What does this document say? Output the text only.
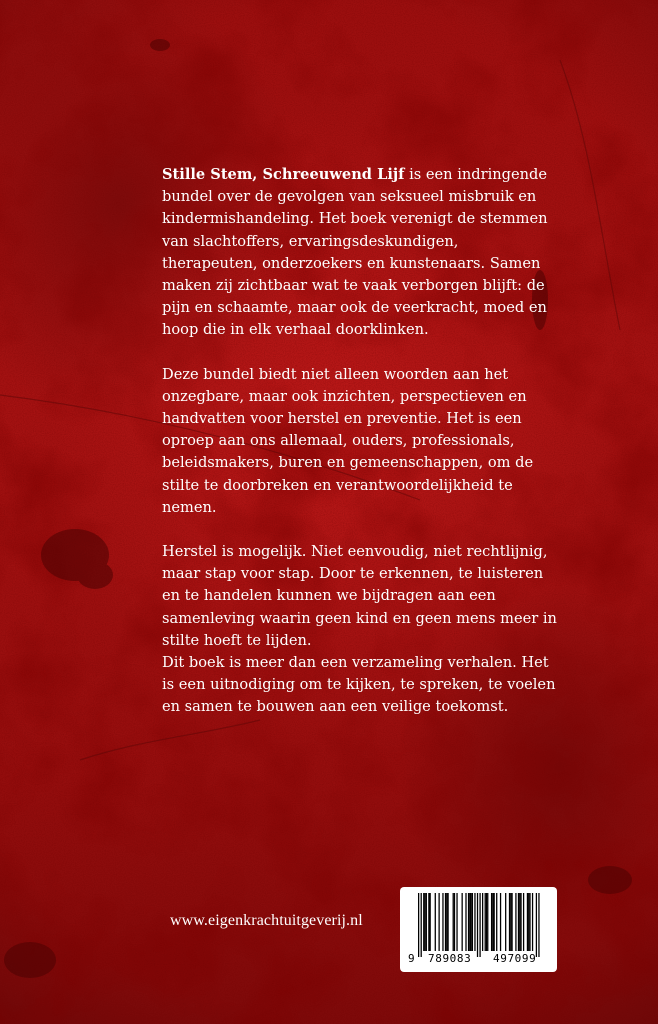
Stille Stem, Schreeuwend Lijf is een indringende bundel over de gevolgen van seksueel misbruik en kindermishandeling. Het boek verenigt de stemmen van slachtoffers, ervaringsdeskundigen, therapeuten, onderzoekers en kunstenaars. Samen maken zij zichtbaar wat te vaak verborgen blijft: de pijn en schaamte, maar ook de veerkracht, moed en hoop die in elk verhaal doorklinken.

Deze bundel biedt niet alleen woorden aan het onzegbare, maar ook inzichten, perspectieven en handvatten voor herstel en preventie. Het is een oproep aan ons allemaal, ouders, professionals, beleidsmakers, buren en gemeenschappen, om de stilte te doorbreken en verantwoordelijkheid te nemen.

Herstel is mogelijk. Niet eenvoudig, niet rechtlijnig, maar stap voor stap. Door te erkennen, te luisteren en te handelen kunnen we bijdragen aan een samenleving waarin geen kind en geen mens meer in stilte hoeft te lijden.

Dit boek is meer dan een verzameling verhalen. Het is een uitnodiging om te kijken, te spreken, te voelen en samen te bouwen aan een veilige toekomst.

www.eigenkrachtuitgeverij.nl
9 789083 497099
